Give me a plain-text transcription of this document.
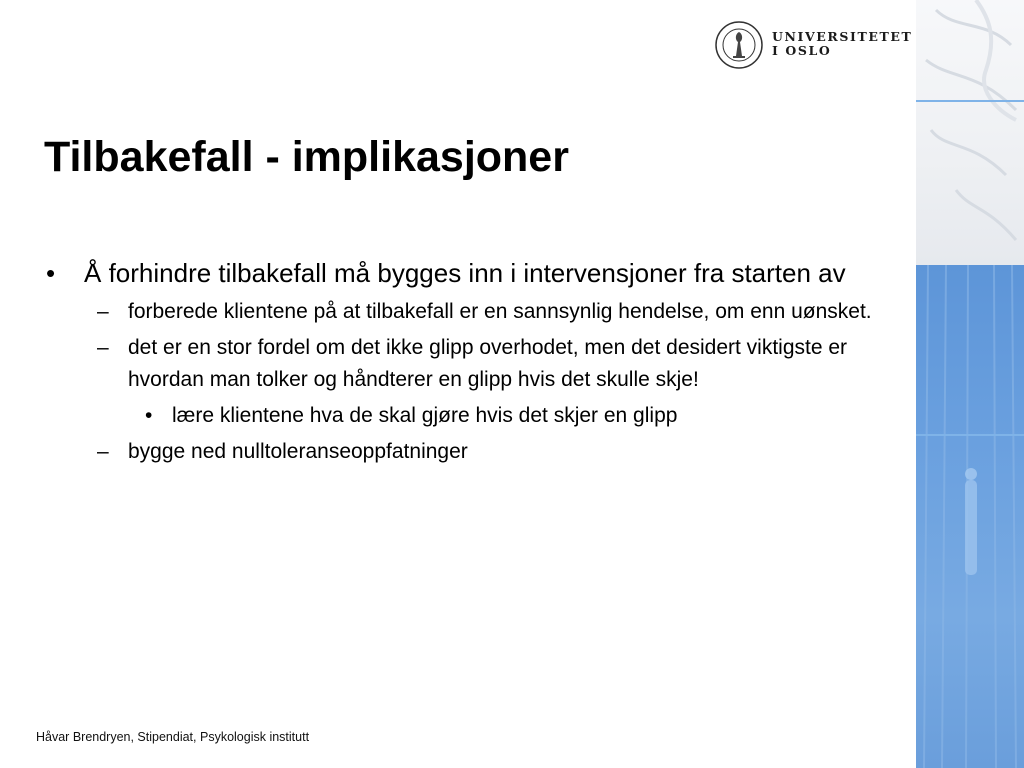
UNIVERSITETET
I OSLO
Tilbakefall - implikasjoner
• Å forhindre tilbakefall må bygges inn i intervensjoner fra starten av
– forberede klientene på at tilbakefall er en sannsynlig hendelse, om enn uønsket.
– det er en stor fordel om det ikke glipp overhodet, men det desidert viktigste er hvordan man tolker og håndterer en glipp hvis det skulle skje!
• lære klientene hva de skal gjøre hvis det skjer en glipp
– bygge ned nulltoleranseoppfatninger
Håvar Brendryen, Stipendiat, Psykologisk institutt
